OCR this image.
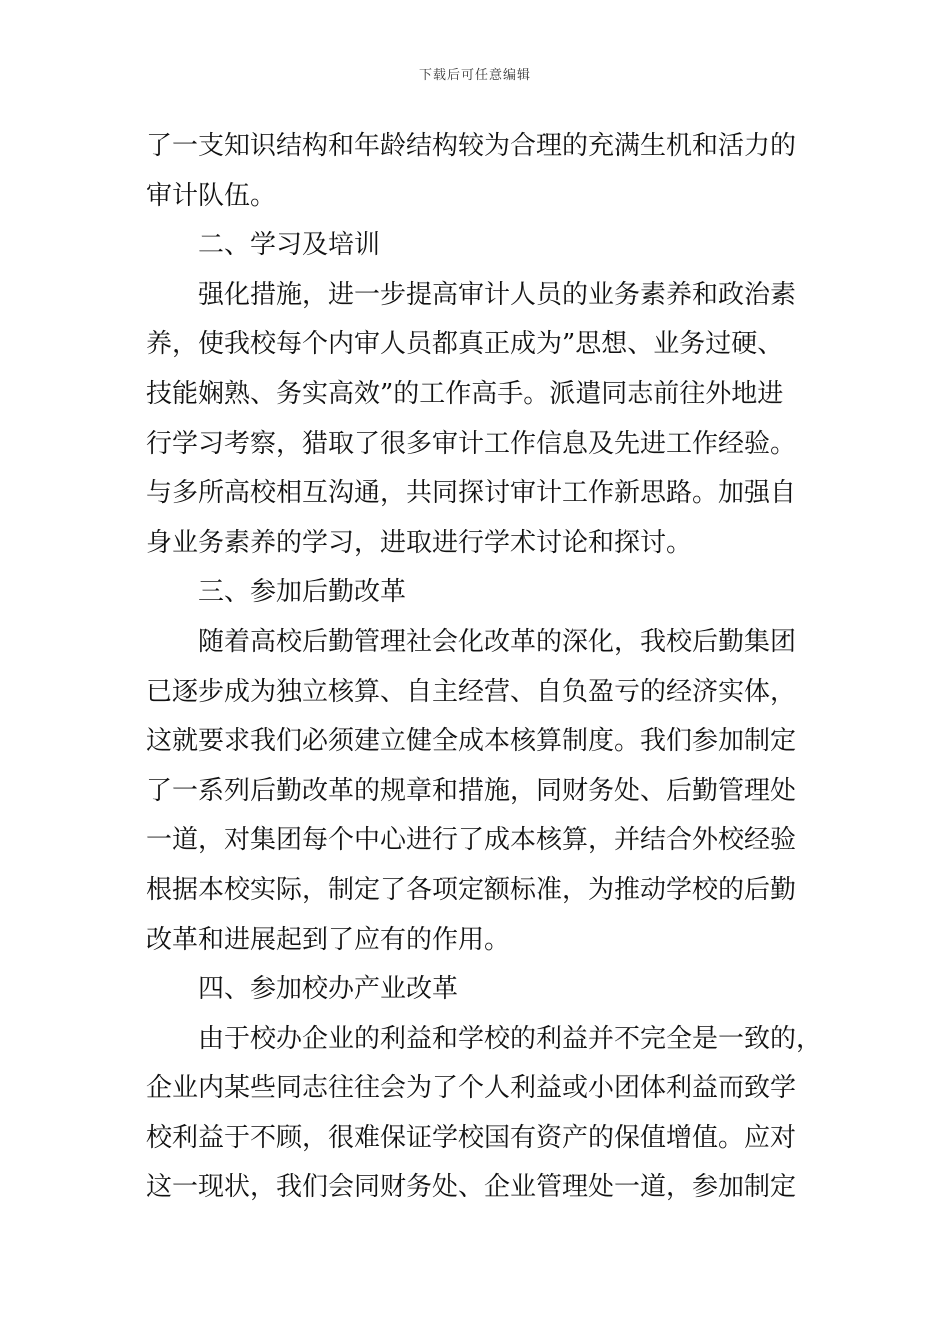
下载后可任意编辑
了一支知识结构和年龄结构较为合理的充满生机和活力的
审计队伍。
二、学习及培训
强化措施，进一步提高审计人员的业务素养和政治素
养，使我校每个内审人员都真正成为”思想、业务过硬、
技能娴熟、务实高效”的工作高手。派遣同志前往外地进
行学习考察，猎取了很多审计工作信息及先进工作经验。
与多所高校相互沟通，共同探讨审计工作新思路。加强自
身业务素养的学习，进取进行学术讨论和探讨。
三、参加后勤改革
随着高校后勤管理社会化改革的深化，我校后勤集团
已逐步成为独立核算、自主经营、自负盈亏的经济实体，
这就要求我们必须建立健全成本核算制度。我们参加制定
了一系列后勤改革的规章和措施，同财务处、后勤管理处
一道，对集团每个中心进行了成本核算，并结合外校经验
根据本校实际，制定了各项定额标准，为推动学校的后勤
改革和进展起到了应有的作用。
四、参加校办产业改革
由于校办企业的利益和学校的利益并不完全是一致的，
企业内某些同志往往会为了个人利益或小团体利益而致学
校利益于不顾，很难保证学校国有资产的保值增值。应对
这一现状，我们会同财务处、企业管理处一道，参加制定
